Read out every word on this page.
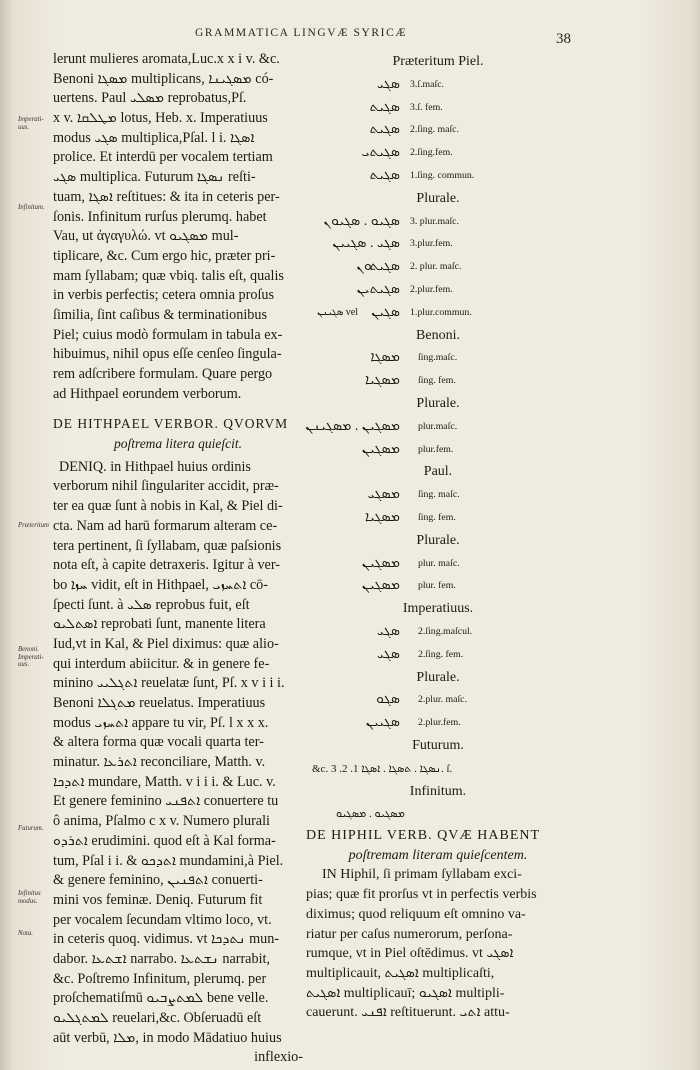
GRAMMATICA LINGVÆ SYRICÆ	38
Imperati- uus.
Infinitum.
Præteritum
Benoni. Imperati- uus.
Futurum.
Infinitus modus.
Nota.
lerunt mulieres aromata,Luc.x x i v. &c.
Benoni ܡܣܓܐ multiplicans, ܡܣܓܝܢܐ có-
uertens. Paul ܡܣܠܝ reprobatus,Pſ.
x v. ܡܛܠܩܐ lotus, Heb. x. Imperatiuus
modus ܣܓܝ multiplica,Pſal. l i. ܐܣܓܐ
prolice. Et interdū per vocalem tertiam
ܣܓܝ multiplica. Futurum ܢܣܓܐ reſti-
tuam, ܐܣܓܐ reſtitues: & ita in ceteris per-
ſonis. Infinitum rurſus plerumq. habet
Vau, ut ἀγαγυλώ. vt ܡܣܓܝܘ mul-
tiplicare, &c. Cum ergo hic, præter pri-
mam ſyllabam; quæ vbiq. talis eſt, qualis
in verbis perfectis; cetera omnia proſus
ſimilia, ſint caſibus & terminationibus
Piel; cuius modò formulam in tabula ex-
hibuimus, nihil opus eſſe cenſeo ſingula-
rem adſcribere formulam. Quare pergo
ad Hithpael eorundem verborum.
DE HITHPAEL VERBOR. QVORVM
poſtrema litera quieſcit.
DENIQ. in Hithpael huius ordinis
verborum nihil ſingulariter accidit, præ-
ter ea quæ ſunt à nobis in Kal, & Piel di-
cta. Nam ad harū formarum alteram ce-
tera pertinent, ſi ſyllabam, quæ paſsionis
nota eſt, à capite detraxeris. Igitur à ver-
bo ܚܙܐ vidit, eſt in Hithpael, ܐܬܚܙܝ cō-
ſpecti ſunt. à ܣܠܝ reprobus fuit, eſt
ܐܣܬܠܝܘ reprobati ſunt, manente litera
Iud,vt in Kal, & Piel diximus: quæ alio-
qui interdum abiicitur. & in genere fe-
minino ܐܬܓܠܝܝ reuelatæ ſunt, Pſ. x v i i i.
Benoni ܡܬܓܠܐ reuelatus. Imperatiuus
modus ܐܬܚܙܝ appare tu vir, Pſ. l x x x.
& altera forma quæ vocali quarta ter-
minatur. ܐܬܪܥܐ reconciliare, Matth. v.
ܐܬܕܟܐ mundare, Matth. v i i i. & Luc. v.
Et genere feminino ܐܬܦܢܝ conuertere tu
ô anima, Pſalmo c x v. Numero plurali
ܐܬܪܕܘ erudimini. quod eſt à Kal forma-
tum, Pſal i i. & ܐܬܕܟܘ mundamini,à Piel.
& genere feminino, ܐܬܦܢܝܢ conuerti-
mini vos feminæ. Deniq. Futurum fit
per vocalem ſecundam vltimo loco, vt.
in ceteris quoq. vidimus. vt ܢܬܕܟܐ mun-
dabor. ܐܫܬܥܐ narrabo. ܢܫܬܥܐ narrabit,
&c. Poſtremo Infinitum, plerumq. per
proſchematiſmū ܠܡܬܨܒܝܘ bene velle.
ܠܡܬܓܠܝܘ reuelari,&c. Obſeruadū eſt
aūt verbū, ܡܠܐ, in modo Mādatiuo huius
inflexio-
Præteritum Piel.
ܣܓܝ 3.ſ.maſc.
ܣܓܝܬ 3.ſ. fem.
ܣܓܝܬ 2.ſing. maſc.
ܣܓܝܬܝ 2.ſing.fem.
ܣܓܝܬ 1.ſing. commun.
Plurale.
ܣܓܝܘ . ܣܓܝܘܢ 3. plur.maſc.
ܣܓܝ . ܣܓܝܝܢ 3.plur.fem.
ܣܓܝܬܘܢ 2. plur. maſc.
ܣܓܝܬܝܢ 2.plur.fem.
ܣܓܝܢܢ vel ܣܓܝܢ 1.plur.commun.
Benoni.
ܡܣܓܐ ſing.maſc.
ܡܣܓܝܐ ſing. fem.
Plurale.
ܡܣܓܝܢ . ܡܣܓܝܢܢ plur.maſc.
ܡܣܓܝܢ plur.fem.
Paul.
ܡܣܓܝ ſing. maſc.
ܡܣܓܝܐ ſing. fem.
Plurale.
ܡܣܓܝܢ plur. maſc.
ܡܣܓܝܢ plur. fem.
Imperatiuus.
ܣܓܝ 2.ſing.maſcul.
ܣܓܝ 2.ſing. fem.
Plurale.
ܣܓܘ 2.plur. maſc.
ܣܓܝܝܢ 2.plur.fem.
Futurum.
&c. ܢܣܓܐ . ܬܣܓܐ . ܐܣܓܐ 1. 2. 3. ſ.
Infinitum.
ܡܣܓܝܘ . ܡܣܓܝܘ
DE HIPHIL VERB. QVÆ HABENT
poſtremam literam quieſcentem.
IN Hiphil, ſi primam ſyllabam exci-
pias; quæ fit prorſus vt in perfectis verbis
diximus; quod reliquum eſt omnino va-
riatur per caſus numerorum, perſona-
rumque, vt in Piel oſtēdimus. vt ܐܣܓܝ
multiplicauit, ܐܣܓܝܬ multiplicaſti,
ܐܣܓܝܬ multiplicauī; ܐܣܓܝܘ multipli-
cauerunt. ܐܦܢܝ reſtituerunt. ܐܬܝ attu-
